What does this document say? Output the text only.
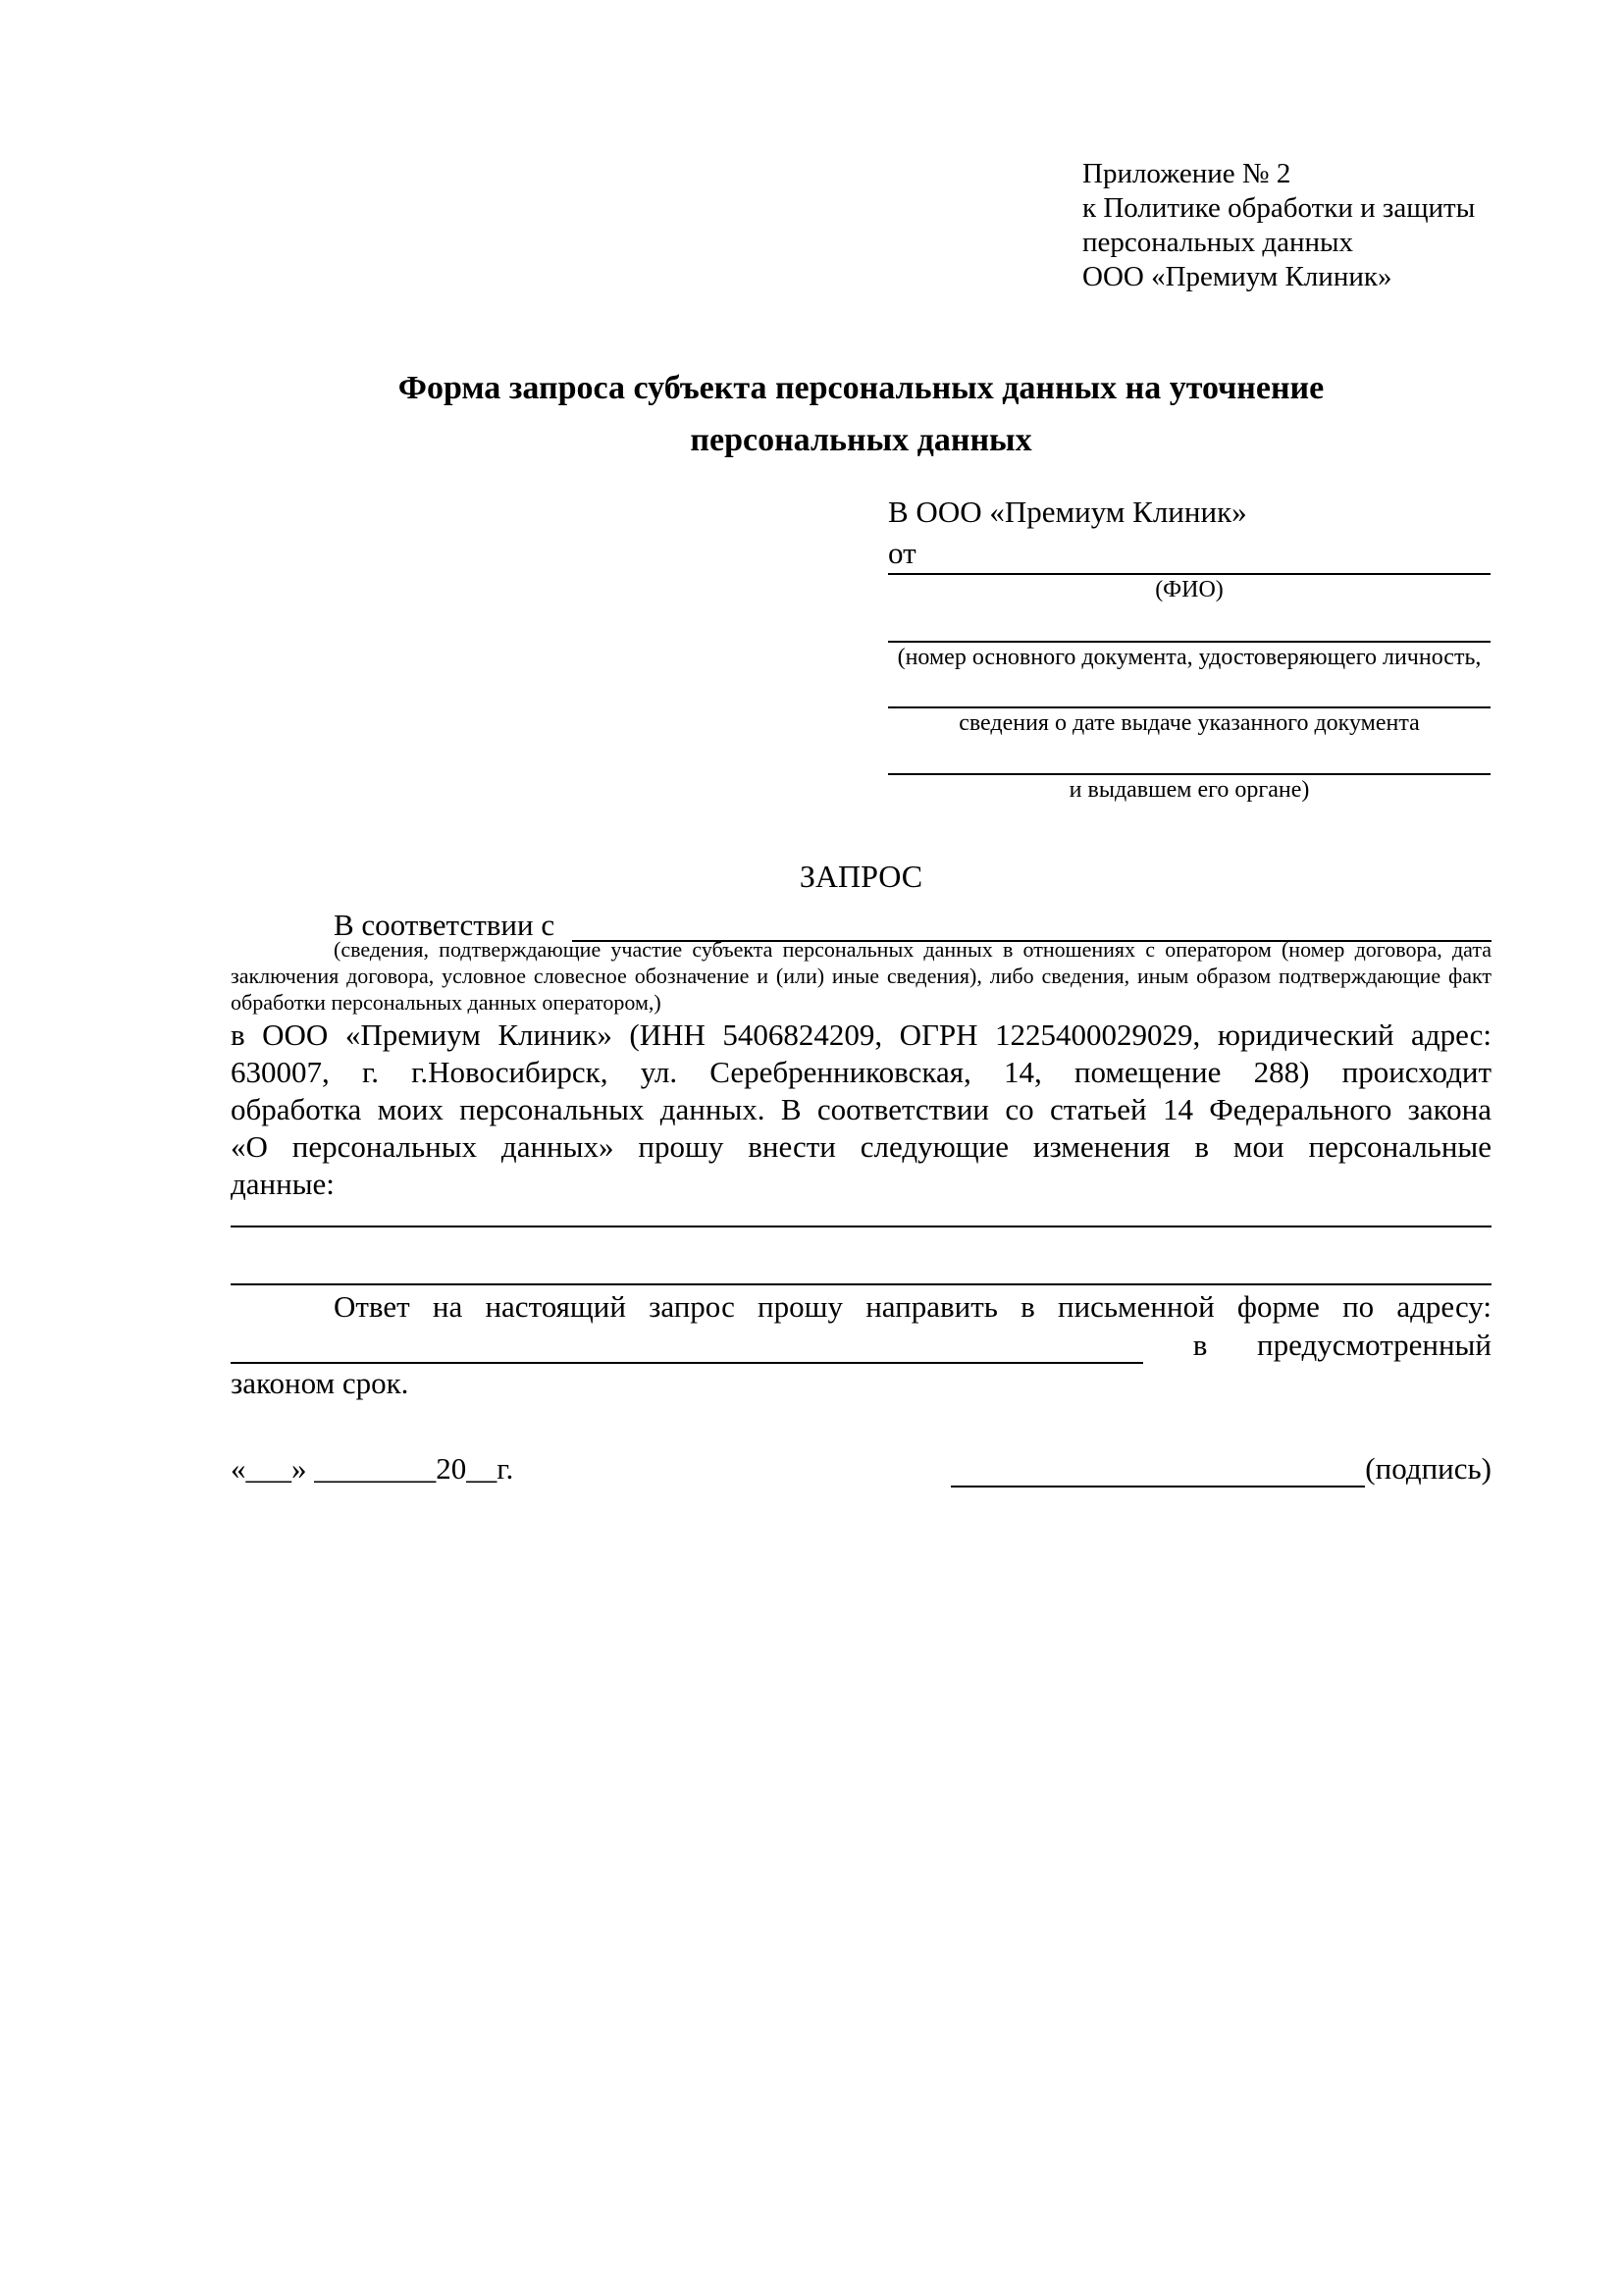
Приложение № 2
к Политике обработки и защиты
персональных данных
ООО «Премиум Клиник»
Форма запроса субъекта персональных данных на уточнение
персональных данных
В ООО «Премиум Клиник»
от
(ФИО)
(номер основного документа, удостоверяющего личность,
сведения о дате выдаче указанного документа
и выдавшем его органе)
ЗАПРОС
В соответствии с
(сведения, подтверждающие участие субъекта персональных данных в отношениях с оператором (номер договора, дата заключения договора, условное словесное обозначение и (или) иные сведения), либо сведения, иным образом подтверждающие факт обработки персональных данных оператором,)
в ООО «Премиум Клиник» (ИНН 5406824209, ОГРН 1225400029029, юридический адрес:
630007, г. г.Новосибирск, ул. Серебренниковская, 14, помещение 288) происходит
обработка моих персональных данных. В соответствии со статьей 14 Федерального закона
«О персональных данных» прошу внести следующие изменения в мои персональные
данные:
Ответ на настоящий запрос прошу направить в письменной форме по адресу:
в предусмотренный
законом срок.
«___» ________20__г.	(подпись)
